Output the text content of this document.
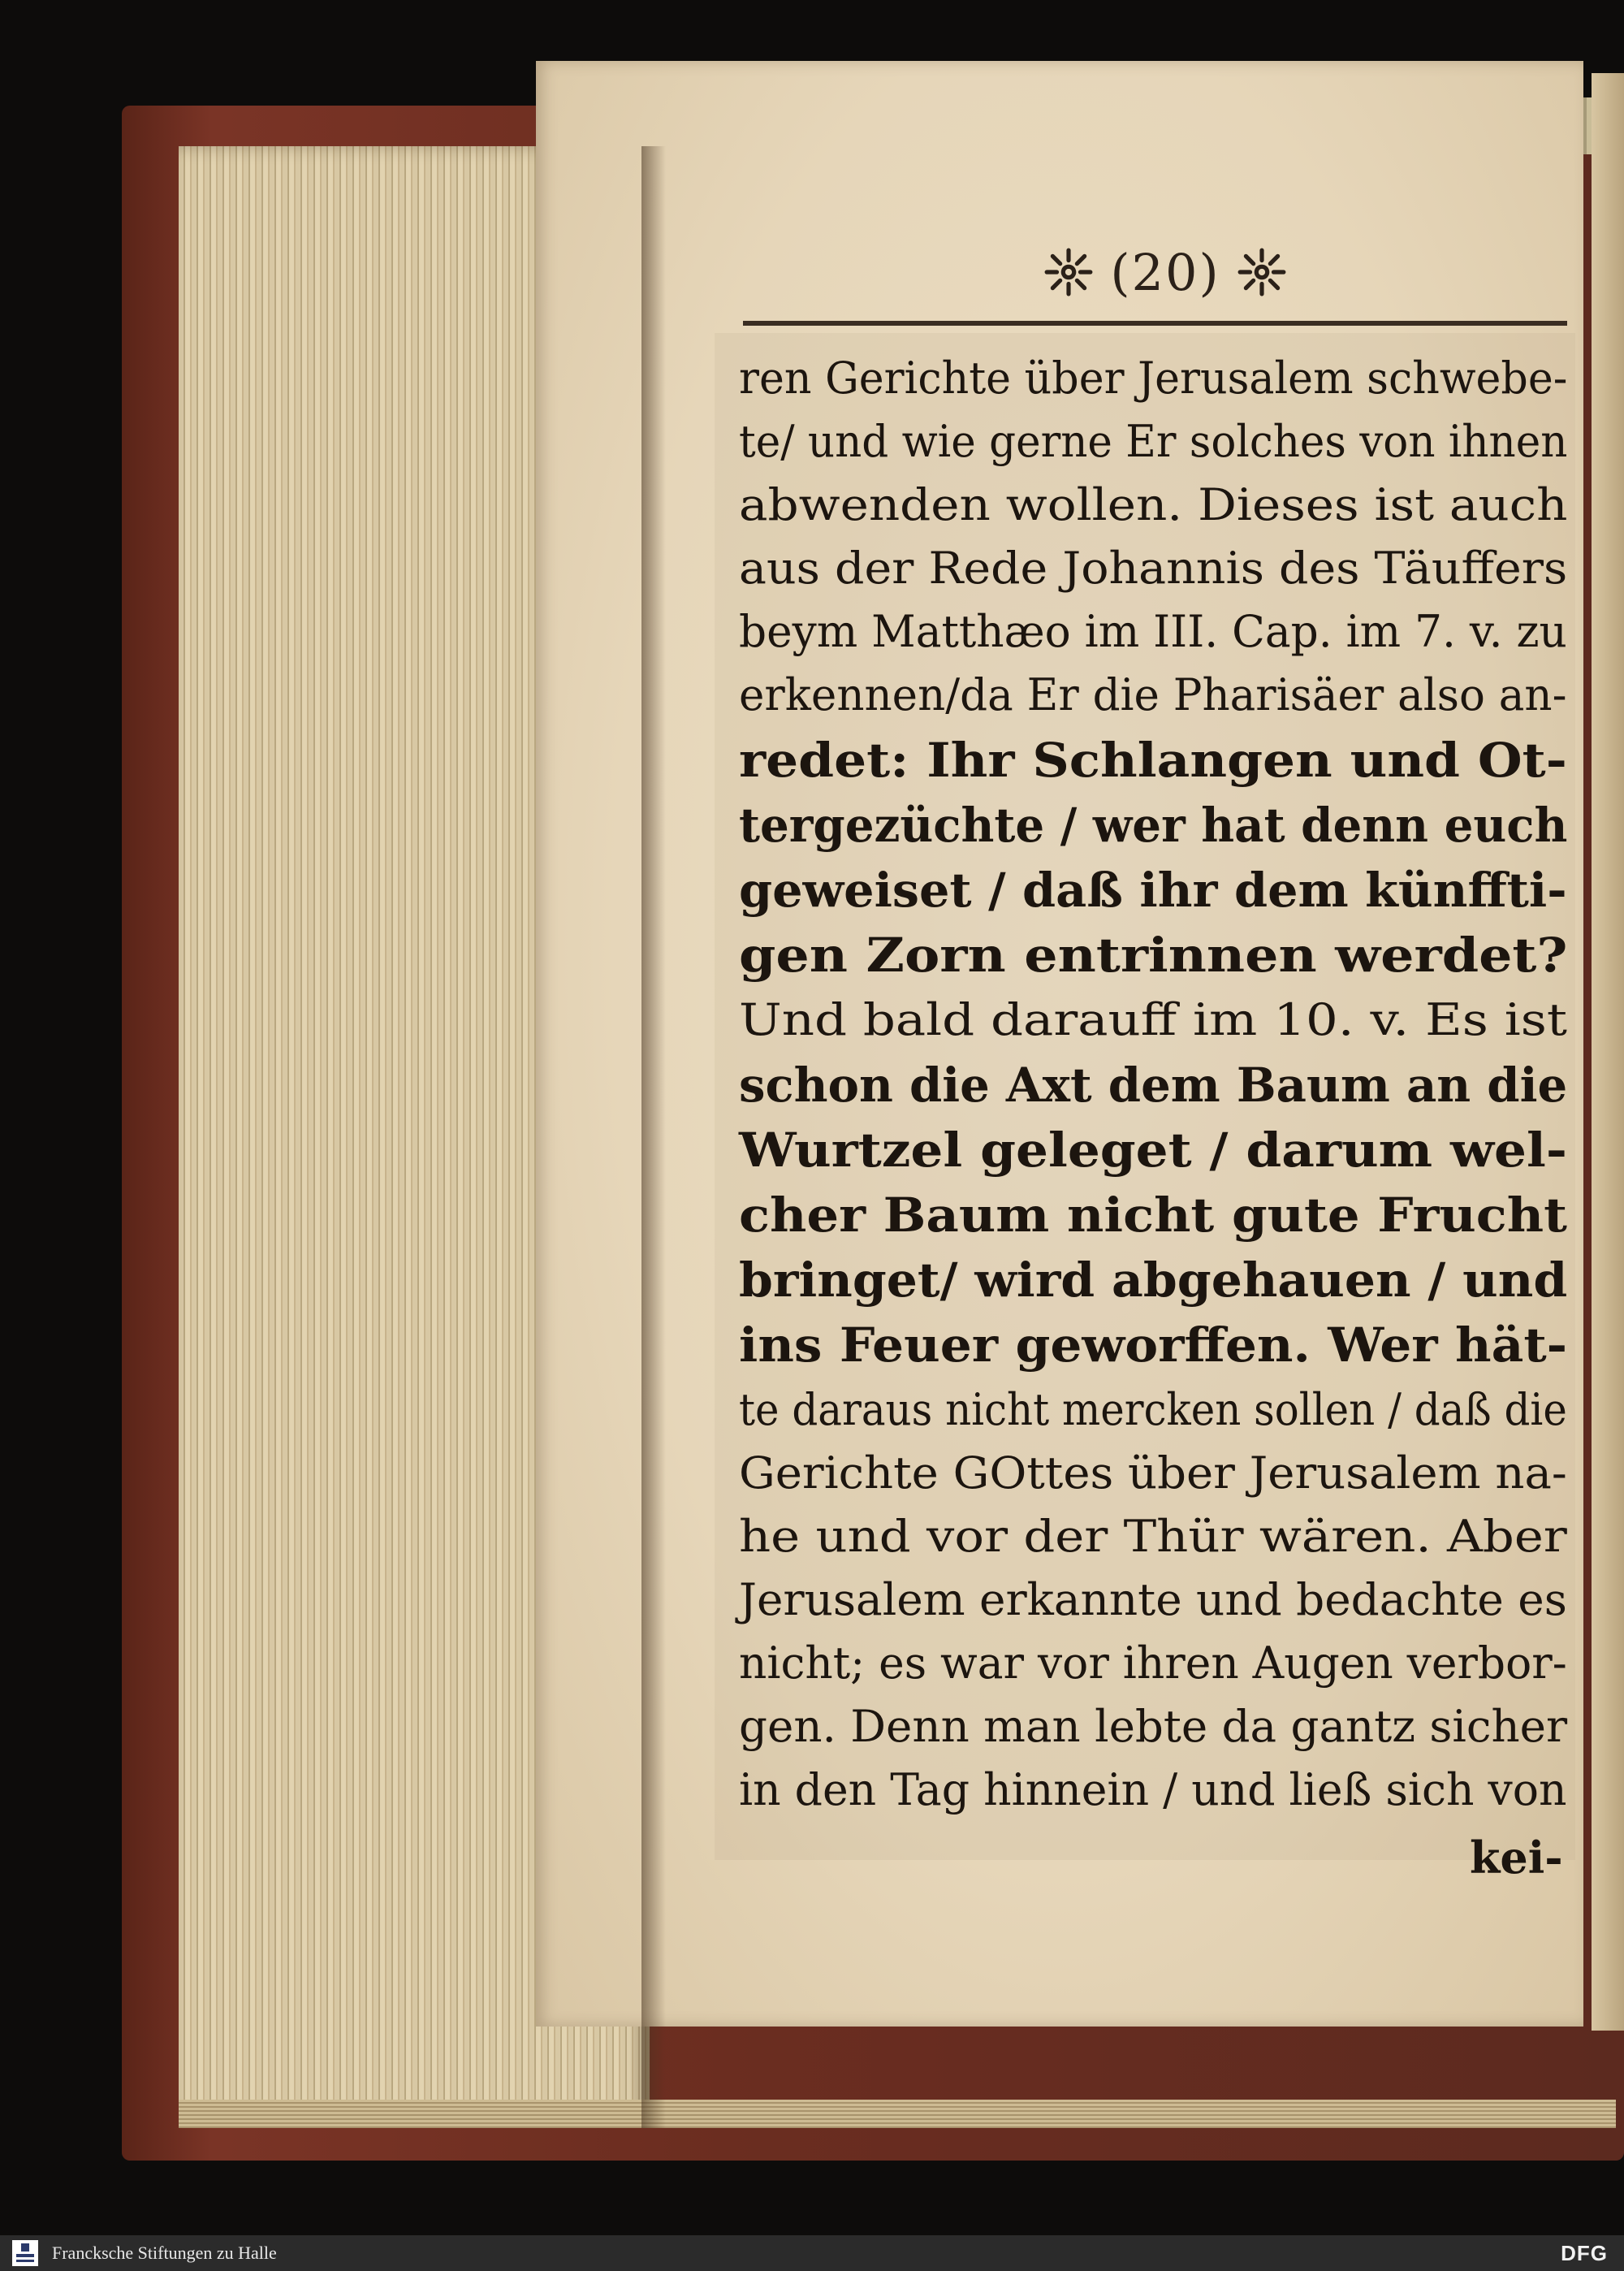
(20)
ren Gerichte über Jerusalem schwebe-
te/ und wie gerne Er solches von ihnen
abwenden wollen. Dieses ist auch
aus der Rede Johannis des Täuffers
beym Matthæo im III. Cap. im 7. v. zu
erkennen/da Er die Pharisäer also an-
redet: Ihr Schlangen und Ot-
tergezüchte / wer hat denn euch
geweiset / daß ihr dem künffti-
gen Zorn entrinnen werdet?
Und bald darauff im 10. v. Es ist
schon die Axt dem Baum an die
Wurtzel geleget / darum wel-
cher Baum nicht gute Frucht
bringet/ wird abgehauen / und
ins Feuer geworffen. Wer hät-
te daraus nicht mercken sollen / daß die
Gerichte GOttes über Jerusalem na-
he und vor der Thür wären. Aber
Jerusalem erkannte und bedachte es
nicht; es war vor ihren Augen verbor-
gen. Denn man lebte da gantz sicher
in den Tag hinnein / und ließ sich von
kei-
Francksche Stiftungen zu Halle	DFG
